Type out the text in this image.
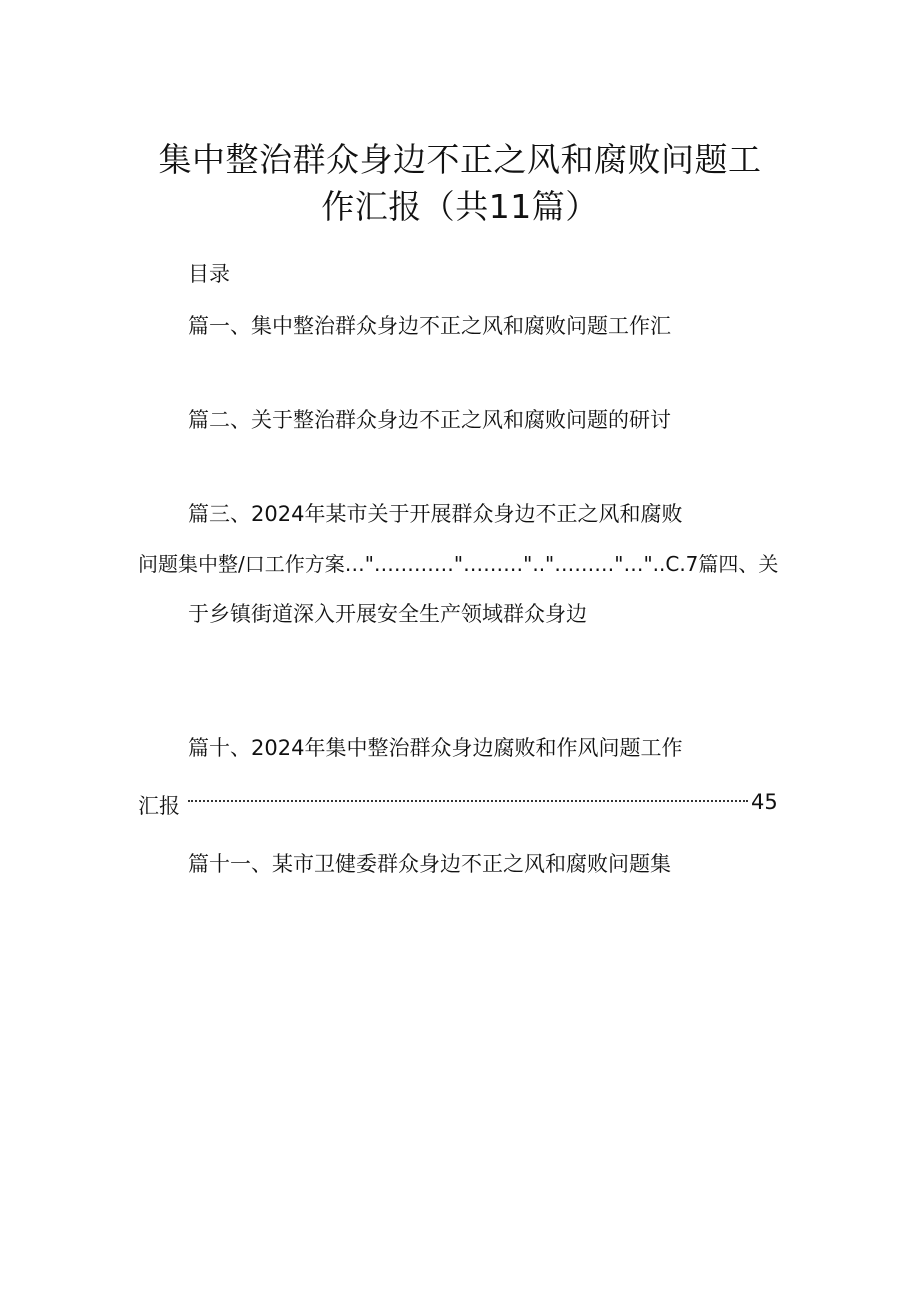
集中整治群众身边不正之风和腐败问题工
作汇报（共11篇）
目录
篇一、集中整治群众身边不正之风和腐败问题工作汇
篇二、关于整治群众身边不正之风和腐败问题的研讨
篇三、2024年某市关于开展群众身边不正之风和腐败
问题集中整/口工作方案…"…………"………".."………"…"..C.7篇四、关
于乡镇街道深入开展安全生产领域群众身边
篇十、2024年集中整治群众身边腐败和作风问题工作
汇报	45
篇十一、某市卫健委群众身边不正之风和腐败问题集
